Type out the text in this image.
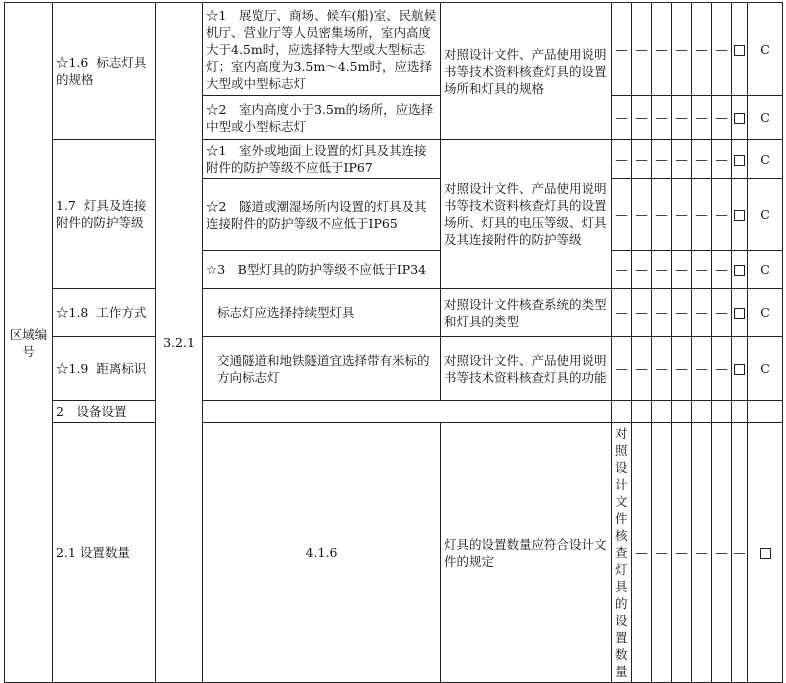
区域编号	☆1.6 标志灯具的规格	3.2.1	☆1　展览厅、商场、候车(船)室、民航候机厅、营业厅等人员密集场所，室内高度大于4.5m时，应选择特大型或大型标志灯；室内高度为3.5m～4.5m时，应选择大型或中型标志灯	对照设计文件、产品使用说明书等技术资料核查灯具的设置场所和灯具的规格	—	—	—	—	—	—		C	
			☆2　室内高度小于3.5m的场所，应选择中型或小型标志灯		—	—	—	—	—	—		C	
	1.7 灯具及连接附件的防护等级		☆1　室外或地面上设置的灯具及其连接附件的防护等级不应低于IP67	对照设计文件、产品使用说明书等技术资料核查灯具的设置场所、灯具的电压等级、灯具及其连接附件的防护等级	—	—	—	—	—	—		C	
			☆2　隧道或潮湿场所内设置的灯具及其连接附件的防护等级不应低于IP65		—	—	—	—	—	—		C	
			☆3　B型灯具的防护等级不应低于IP34		—	—	—	—	—	—		C	
	☆1.8 工作方式		标志灯应选择持续型灯具	对照设计文件核查系统的类型和灯具的类型	—	—	—	—	—	—		C	
	☆1.9 距离标识		交通隧道和地铁隧道宜选择带有米标的方向标志灯	对照设计文件、产品使用说明书等技术资料核查灯具的功能	—	—	—	—	—	—		C	
	2　设备设置												
	2.1 设置数量		4.1.6	灯具的设置数量应符合设计文件的规定	对照设计文件核查灯具的设置数量	—	—	—	—	—	—		
